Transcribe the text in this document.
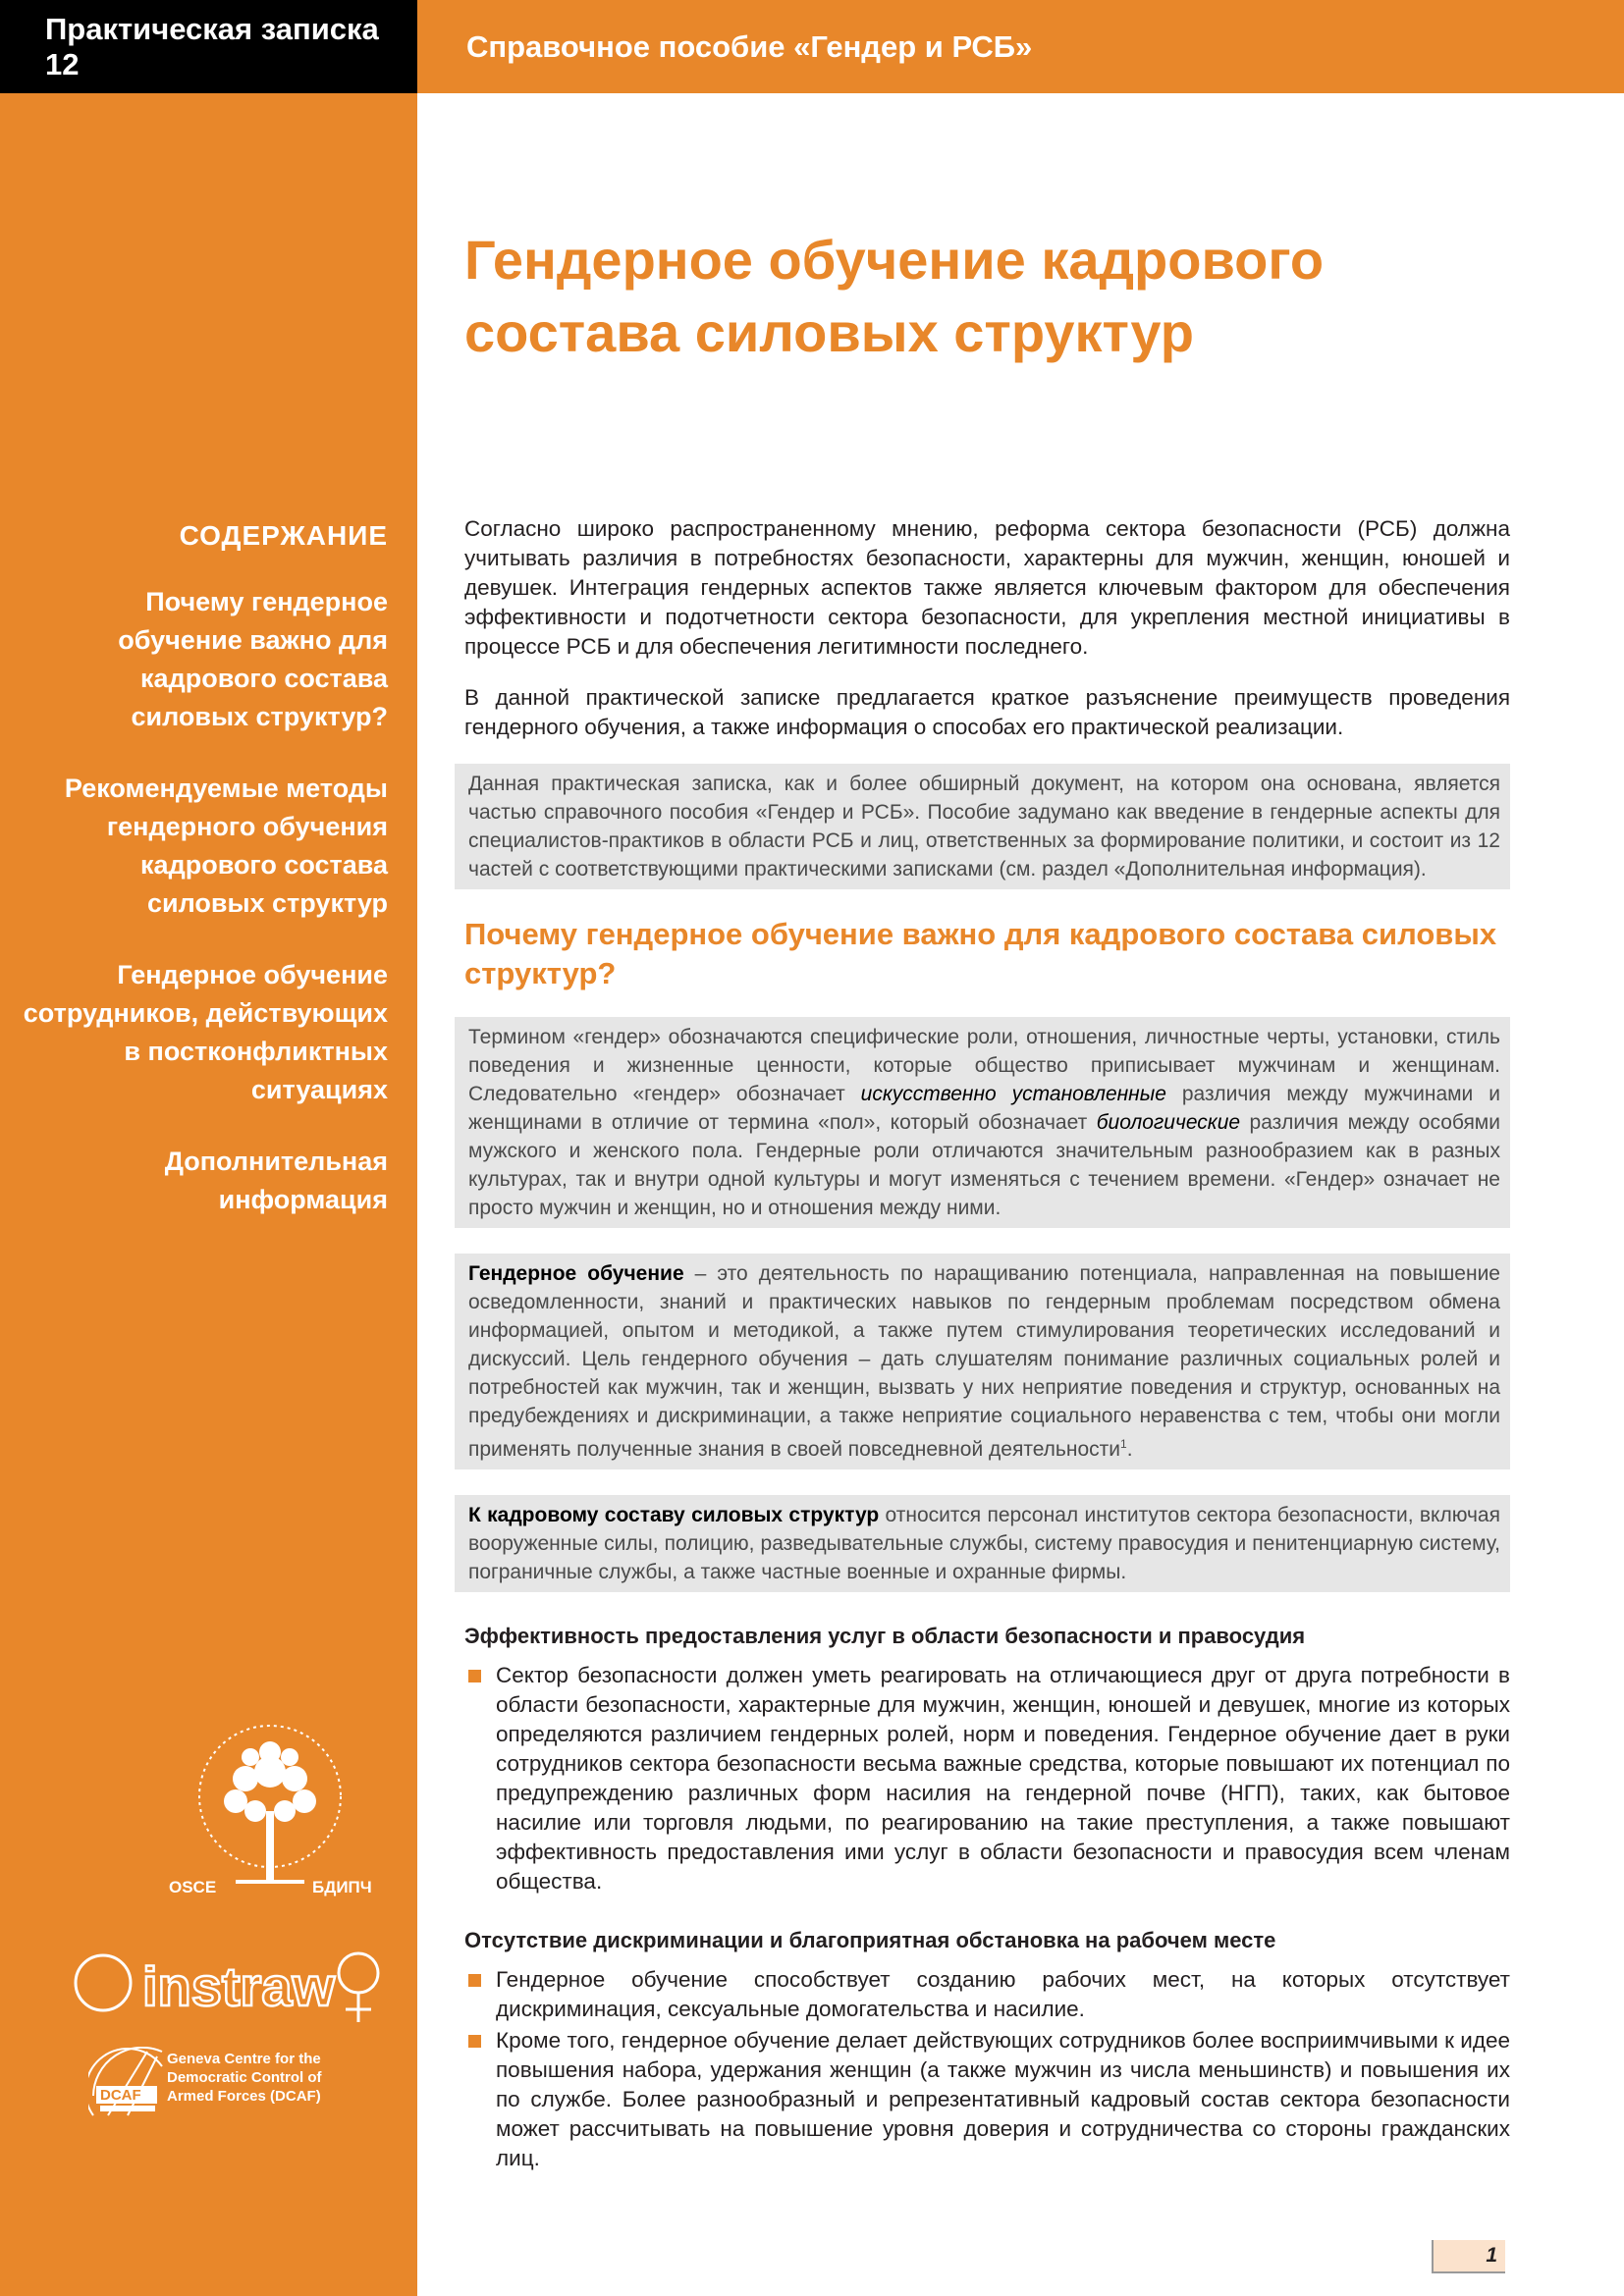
Практическая записка 12
Справочное пособие «Гендер и РСБ»
СОДЕРЖАНИЕ
Почему гендерное обучение важно для кадрового состава силовых структур?
Рекомендуемые методы гендерного обучения кадрового состава силовых структур
Гендерное обучение сотрудников, действующих в постконфликтных ситуациях
Дополнительная информация
OSCE	БДИПЧ
instraw
DCAF
Geneva Centre for the
Democratic Control of
Armed Forces (DCAF)
Гендерное обучение кадрового
состава силовых структур

Согласно широко распространенному мнению, реформа сектора безопасности (РСБ) должна учитывать различия в потребностях безопасности, характерны для мужчин, женщин, юношей и девушек. Интеграция гендерных аспектов также является ключевым фактором для обеспечения эффективности и подотчетности сектора безопасности, для укрепления местной инициативы в процессе РСБ и для обеспечения легитимности последнего.

В данной практической записке предлагается краткое разъяснение преимуществ проведения гендерного обучения, а также информация о способах его практической реализации.

Данная практическая записка, как и более обширный документ, на котором она основана, является частью справочного пособия «Гендер и РСБ». Пособие задумано как введение в гендерные аспекты для специалистов-практиков в области РСБ и лиц, ответственных за формирование политики, и состоит из 12 частей с соответствующими практическими записками (см. раздел «Дополнительная информация).
Почему гендерное обучение важно для кадрового состава силовых структур?
Термином «гендер» обозначаются специфические роли, отношения, личностные черты, установки, стиль поведения и жизненные ценности, которые общество приписывает мужчинам и женщинам. Следовательно «гендер» обозначает искусственно установленные различия между мужчинами и женщинами в отличие от термина «пол», который обозначает биологические различия между особями мужского и женского пола. Гендерные роли отличаются значительным разнообразием как в разных культурах, так и внутри одной культуры и могут изменяться с течением времени. «Гендер» означает не просто мужчин и женщин, но и отношения между ними.
Гендерное обучение – это деятельность по наращиванию потенциала, направленная на повышение осведомленности, знаний и практических навыков по гендерным проблемам посредством обмена информацией, опытом и методикой, а также путем стимулирования теоретических исследований и дискуссий. Цель гендерного обучения – дать слушателям понимание различных социальных ролей и потребностей как мужчин, так и женщин, вызвать у них неприятие поведения и структур, основанных на предубеждениях и дискриминации, а также неприятие социального неравенства с тем, чтобы они могли применять полученные знания в своей повседневной деятельности$^1$.
К кадровому составу силовых структур относится персонал институтов сектора безопасности, включая вооруженные силы, полицию, разведывательные службы, систему правосудия и пенитенциарную систему, пограничные службы, а также частные военные и охранные фирмы.
Эффективность предоставления услуг в области безопасности и правосудия
Сектор безопасности должен уметь реагировать на отличающиеся друг от друга потребности в области безопасности, характерные для мужчин, женщин, юношей и девушек, многие из которых определяются различием гендерных ролей, норм и поведения. Гендерное обучение дает в руки сотрудников сектора безопасности весьма важные средства, которые повышают их потенциал по предупреждению различных форм насилия на гендерной почве (НГП), таких, как бытовое насилие или торговля людьми, по реагированию на такие преступления, а также повышают эффективность предоставления ими услуг в области безопасности и правосудия всем членам общества.
Отсутствие дискриминации и благоприятная обстановка на рабочем месте
Гендерное обучение способствует созданию рабочих мест, на которых отсутствует дискриминация, сексуальные домогательства и насилие.
Кроме того, гендерное обучение делает действующих сотрудников более восприимчивыми к идее повышения набора, удержания женщин (а также мужчин из числа меньшинств) и повышения их по службе. Более разнообразный и репрезентативный кадровый состав сектора безопасности может рассчитывать на повышение уровня доверия и сотрудничества со стороны гражданских лиц.
1
